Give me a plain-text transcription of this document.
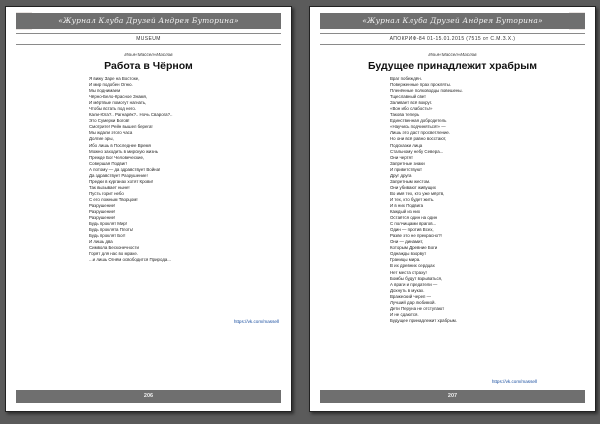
«Журнал Клуба Друзей Андрея Буторина»
MUSEUM
Илья«Массел»Маслов
Работа в Чёрном
Я вижу Заре на Востоке,
И мир подобен Огню.
Мы поднимаем
Чёрно-Бело-Красное Знамя,
И мёртвые помогут нагнать,
Чтобы встать под него.
Кали-Юга?.. Рагнарёк?.. Ночь Сварога?..
Это Сумерки Богов!
Смотрите! Рейн вышел берега!
Мы ждали этого часа
Долгие эры,
Ибо лишь в Последнее Время
Можно заходить в мирскую жизнь
Прежде Бог Человеческие,
Совершая Подвиг!
А потому — да здравствует Война!
Да здравствует Разрушение!
Предки в курганах хотят Крови!
Так вызывает ныне!
Пусть горит небо
С его ложным Творцом!
Разрушение!
Разрушение!
Разрушение!
Будь проклят Мир!
Будь проклята Плоть!
Будь проклят Бог!
И лишь два
Символа Бесконечности
Горят для нас во мраке.
...и лишь Огнём освободится Природа...
https://vk.com/massell
206
«Журнал Клуба Друзей Андрея Буторина»
АПОКРИФ-84 01-15.01.2015 (7515 от С.М.З.Х.)
Илья«Массел»Маслов
Будущее принадлежит храбрым
Враг побеждён.
Поверженные прах прокляты.
Пленённые полководцы повешены.
Тщеславный свет
Заливает всё вокруг.
«Вон ибо слабость!»
Такова теперь
Единственная добродетель
«Научись подчиняться!» —
Лишь это даст просветление.
Но они всё равно восстают,
Подсказки лица
Стальному небу Севера...
Они чертят
Запретные знаки
И приветствуют
Друг друга
Запретным жестом.
Они убивают живущих
Во имя тех, кто уже мёртв,
И тех, кто будет жить.
И в них Подвига
Каждый из них
Остаётся один на один
С полчищами врагов...
Один — против Всех,
Разве это не прекрасно?!
Они — динамит,
Которым Древние Боги
Однажды взорвут
Границы мира.
В их древних сердцах
Нет места страху!
Бомбы будут взрываться,
А враги и предатели —
Дохнуть в муках.
Вражеский череп —
Лучший дар любимой.
Дети Перуна не отступают
И не сдаются.
Будущее принадлежит храбрым.
https://vk.com/massell
207
